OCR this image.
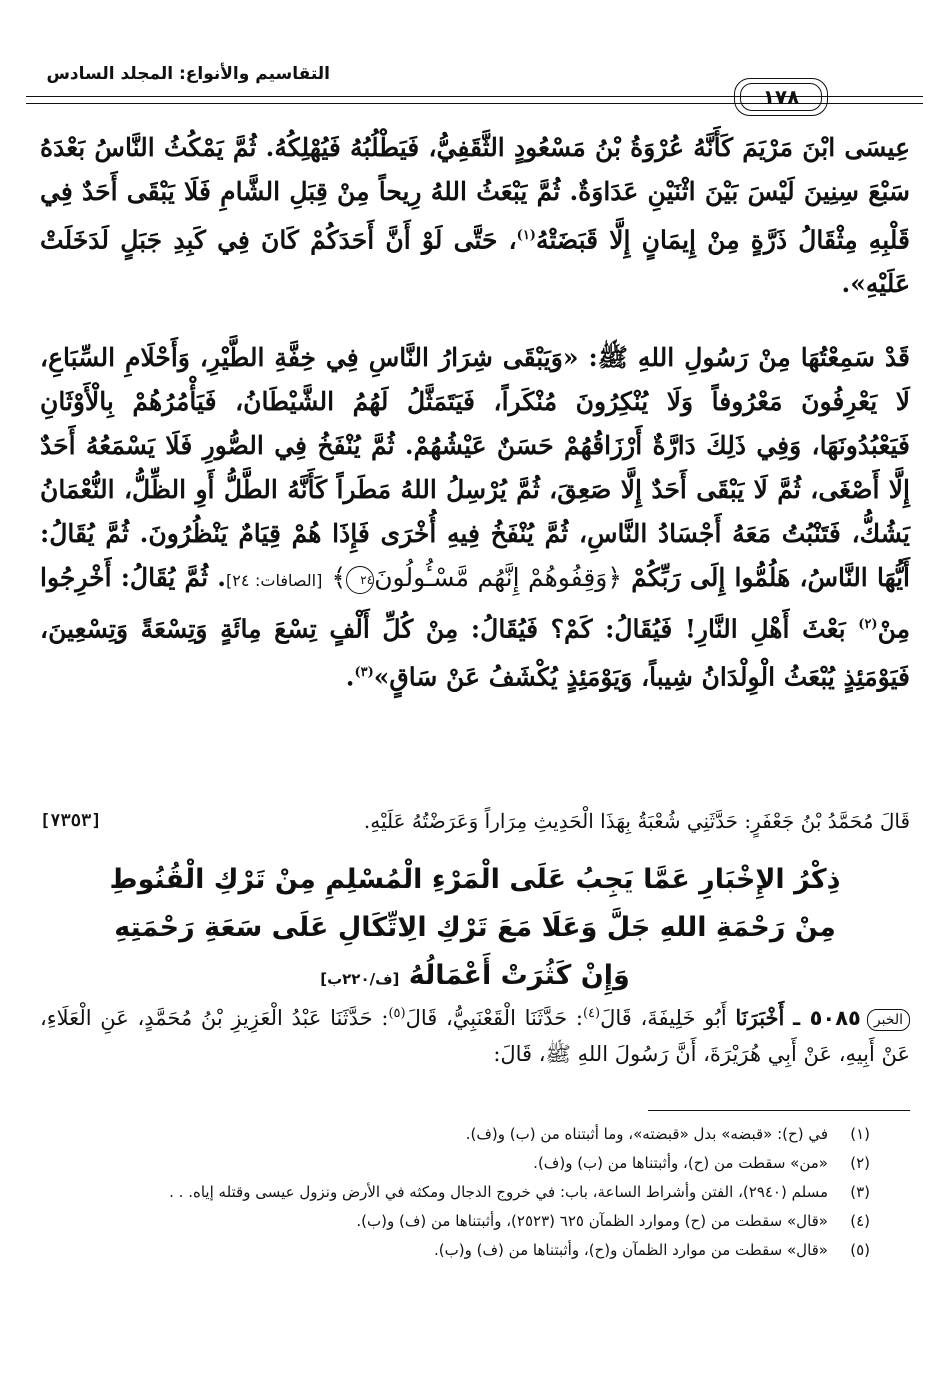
التقاسيم والأنواع: المجلد السادس
١٧٨
عِيسَى ابْنَ مَرْيَمَ كَأَنَّهُ عُرْوَةُ بْنُ مَسْعُودٍ الثَّقَفِيُّ، فَيَطْلُبُهُ فَيُهْلِكُهُ. ثُمَّ يَمْكُثُ النَّاسُ بَعْدَهُ سَبْعَ سِنِينَ لَيْسَ بَيْنَ اثْنَيْنِ عَدَاوَةٌ. ثُمَّ يَبْعَثُ اللهُ رِيحاً مِنْ قِبَلِ الشَّامِ فَلَا يَبْقَى أَحَدٌ فِي قَلْبِهِ مِثْقَالُ ذَرَّةٍ مِنْ إِيمَانٍ إِلَّا قَبَضَتْهُ$^{(١)}$، حَتَّى لَوْ أَنَّ أَحَدَكُمْ كَانَ فِي كَبِدِ جَبَلٍ لَدَخَلَتْ عَلَيْهِ».
قَدْ سَمِعْتُهَا مِنْ رَسُولِ اللهِ ﷺ: «وَيَبْقَى شِرَارُ النَّاسِ فِي خِفَّةِ الطَّيْرِ، وَأَحْلَامِ السِّبَاعِ، لَا يَعْرِفُونَ مَعْرُوفاً وَلَا يُنْكِرُونَ مُنْكَراً، فَيَتَمَثَّلُ لَهُمُ الشَّيْطَانُ، فَيَأْمُرُهُمْ بِالْأَوْثَانِ فَيَعْبُدُونَهَا، وَفِي ذَلِكَ دَارَّةٌ أَرْزَاقُهُمْ حَسَنٌ عَيْشُهُمْ. ثُمَّ يُنْفَخُ فِي الصُّورِ فَلَا يَسْمَعُهُ أَحَدٌ إِلَّا أَصْغَى، ثُمَّ لَا يَبْقَى أَحَدٌ إِلَّا صَعِقَ، ثُمَّ يُرْسِلُ اللهُ مَطَراً كَأَنَّهُ الطَّلُّ أَوِ الظِّلُّ، النُّعْمَانُ يَشُكُّ، فَتَنْبُتُ مَعَهُ أَجْسَادُ النَّاسِ، ثُمَّ يُنْفَخُ فِيهِ أُخْرَى فَإِذَا هُمْ قِيَامٌ يَنْظُرُونَ. ثُمَّ يُقَالُ: أَيُّهَا النَّاسُ، هَلُمُّوا إِلَى رَبِّكُمْ ﴿وَقِفُوهُمْ إِنَّهُم مَّسْـُٔولُونَ٢٤﴾ [الصافات: ٢٤]. ثُمَّ يُقَالُ: أَخْرِجُوا مِنْ$^{(٢)}$ بَعْثَ أَهْلِ النَّارِ! فَيُقَالُ: كَمْ؟ فَيُقَالُ: مِنْ كُلِّ أَلْفٍ تِسْعَ مِائَةٍ وَتِسْعَةً وَتِسْعِينَ، فَيَوْمَئِذٍ يُبْعَثُ الْوِلْدَانُ شِيباً، وَيَوْمَئِذٍ يُكْشَفُ عَنْ سَاقٍ»$^{(٣)}$.
قَالَ مُحَمَّدُ بْنُ جَعْفَرٍ: حَدَّثَنِي شُعْبَةُ بِهَذَا الْحَدِيثِ مِرَاراً وَعَرَضْتُهُ عَلَيْهِ.
[٧٣٥٣]
ذِكْرُ الإِخْبَارِ عَمَّا يَجِبُ عَلَى الْمَرْءِ الْمُسْلِمِ مِنْ تَرْكِ الْقُنُوطِ
مِنْ رَحْمَةِ اللهِ جَلَّ وَعَلَا مَعَ تَرْكِ الِاتِّكَالِ عَلَى سَعَةِ رَحْمَتِهِ
وَإِنْ كَثُرَتْ أَعْمَالُهُ [ف/٢٢٠ب]
الخبر٥٠٨٥ ـ أَخْبَرَنَا أَبُو خَلِيفَةَ، قَالَ$^{(٤)}$: حَدَّثَنَا الْقَعْنَبِيُّ، قَالَ$^{(٥)}$: حَدَّثَنَا عَبْدُ الْعَزِيزِ بْنُ مُحَمَّدٍ، عَنِ الْعَلَاءِ، عَنْ أَبِيهِ، عَنْ أَبِي هُرَيْرَةَ، أَنَّ رَسُولَ اللهِ ﷺ، قَالَ:
(١)
في (ح): «قبضه» بدل «قبضته»، وما أثبتناه من (ب) و(ف).
(٢)
«من» سقطت من (ح)، وأثبتناها من (ب) و(ف).
(٣)
مسلم (٢٩٤٠)، الفتن وأشراط الساعة، باب: في خروج الدجال ومكثه في الأرض ونزول عيسى وقتله إياه. . .
(٤)
«قال» سقطت من (ح) وموارد الظمآن ٦٢٥ (٢٥٢٣)، وأثبتناها من (ف) و(ب).
(٥)
«قال» سقطت من موارد الظمآن و(ح)، وأثبتناها من (ف) و(ب).
